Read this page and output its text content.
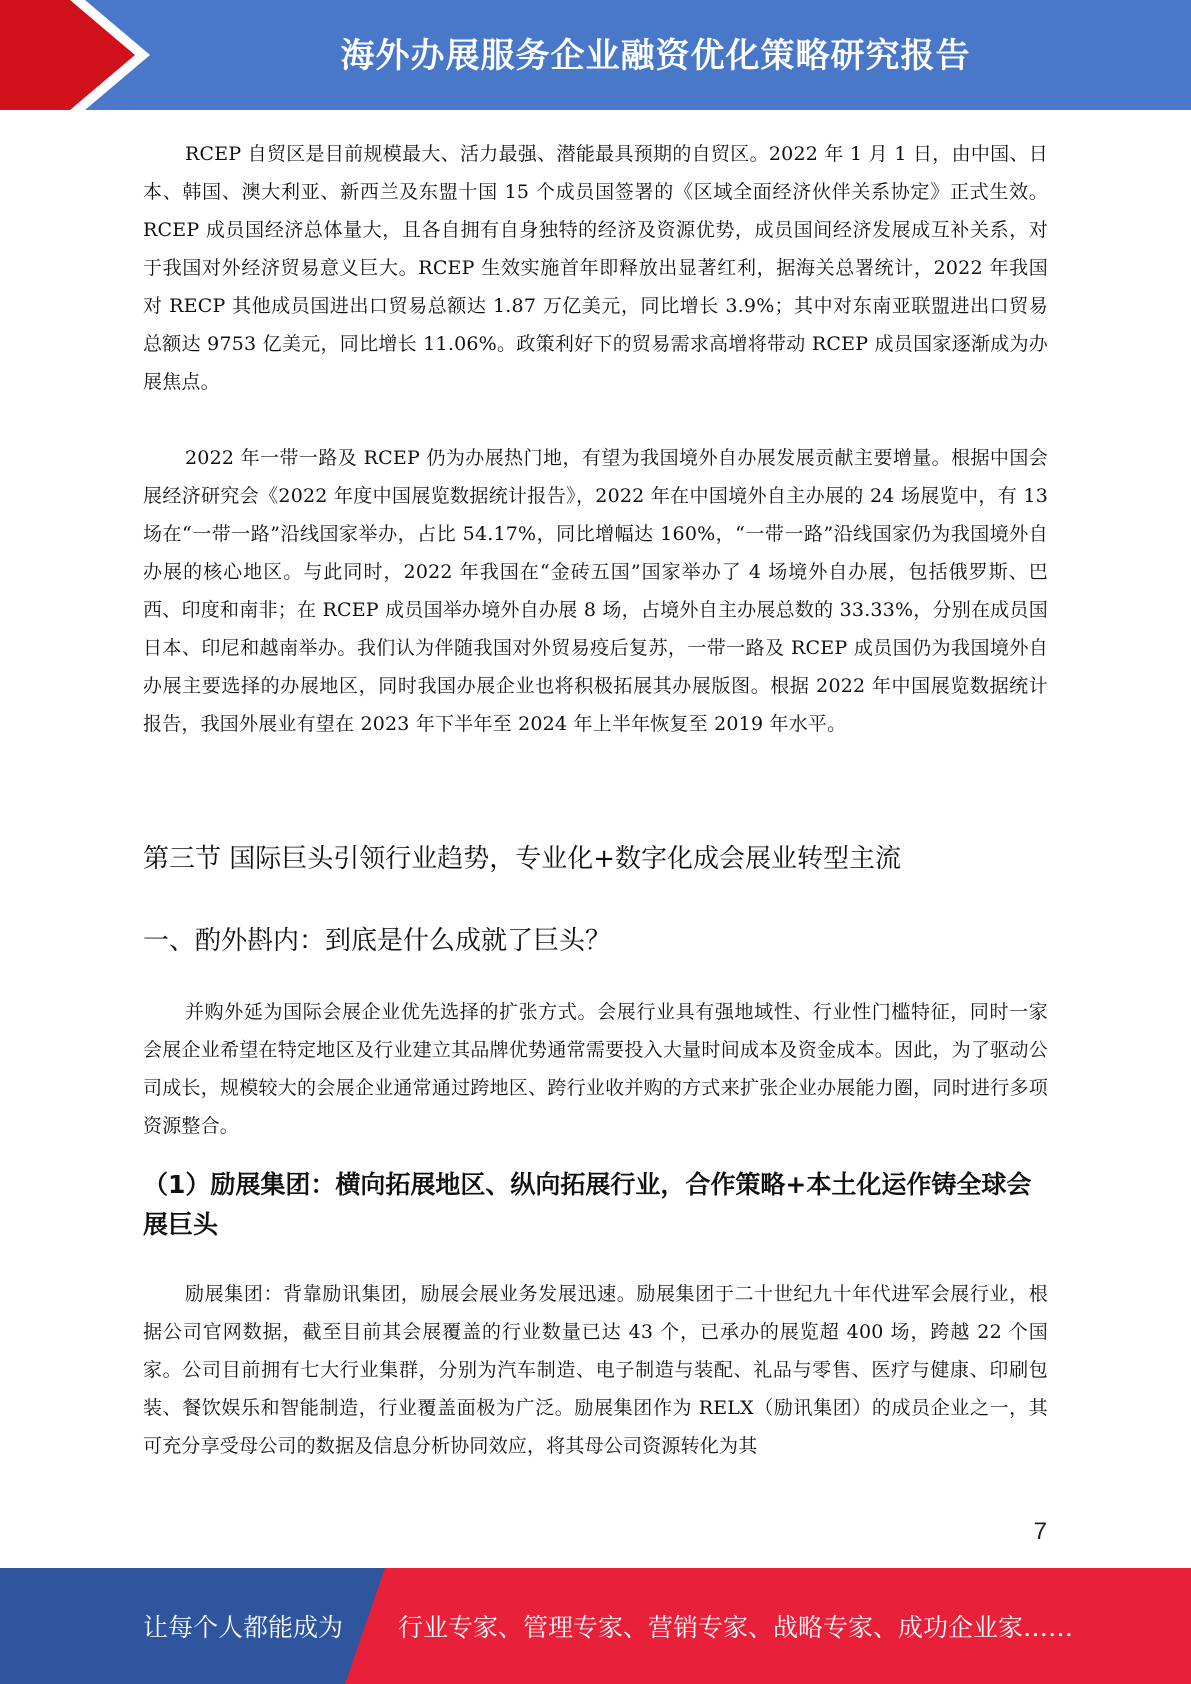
海外办展服务企业融资优化策略研究报告

RCEP 自贸区是目前规模最大、活力最强、潜能最具预期的自贸区。2022 年 1 月 1 日，由中国、日本、韩国、澳大利亚、新西兰及东盟十国 15 个成员国签署的《区域全面经济伙伴关系协定》正式生效。RCEP 成员国经济总体量大，且各自拥有自身独特的经济及资源优势，成员国间经济发展成互补关系，对于我国对外经济贸易意义巨大。RCEP 生效实施首年即释放出显著红利，据海关总署统计，2022 年我国对 RECP 其他成员国进出口贸易总额达 1.87 万亿美元，同比增长 3.9%；其中对东南亚联盟进出口贸易总额达 9753 亿美元，同比增长 11.06%。政策利好下的贸易需求高增将带动 RCEP 成员国家逐渐成为办展焦点。

2022 年一带一路及 RCEP 仍为办展热门地，有望为我国境外自办展发展贡献主要增量。根据中国会展经济研究会《2022 年度中国展览数据统计报告》，2022 年在中国境外自主办展的 24 场展览中，有 13 场在“一带一路”沿线国家举办，占比 54.17%，同比增幅达 160%，“一带一路”沿线国家仍为我国境外自办展的核心地区。与此同时，2022 年我国在“金砖五国”国家举办了 4 场境外自办展，包括俄罗斯、巴西、印度和南非；在 RCEP 成员国举办境外自办展 8 场，占境外自主办展总数的 33.33%，分别在成员国日本、印尼和越南举办。我们认为伴随我国对外贸易疫后复苏，一带一路及 RCEP 成员国仍为我国境外自办展主要选择的办展地区，同时我国办展企业也将积极拓展其办展版图。根据 2022 年中国展览数据统计报告，我国外展业有望在 2023 年下半年至 2024 年上半年恢复至 2019 年水平。

第三节 国际巨头引领行业趋势，专业化+数字化成会展业转型主流
一、酌外斟内：到底是什么成就了巨头？

并购外延为国际会展企业优先选择的扩张方式。会展行业具有强地域性、行业性门槛特征，同时一家会展企业希望在特定地区及行业建立其品牌优势通常需要投入大量时间成本及资金成本。因此，为了驱动公司成长，规模较大的会展企业通常通过跨地区、跨行业收并购的方式来扩张企业办展能力圈，同时进行多项资源整合。

（1）励展集团：横向拓展地区、纵向拓展行业，合作策略+本土化运作铸全球会展巨头

励展集团：背靠励讯集团，励展会展业务发展迅速。励展集团于二十世纪九十年代进军会展行业，根据公司官网数据，截至目前其会展覆盖的行业数量已达 43 个，已承办的展览超 400 场，跨越 22 个国家。公司目前拥有七大行业集群，分别为汽车制造、电子制造与装配、礼品与零售、医疗与健康、印刷包装、餐饮娱乐和智能制造，行业覆盖面极为广泛。励展集团作为 RELX（励讯集团）的成员企业之一，其可充分享受母公司的数据及信息分析协同效应，将其母公司资源转化为其

7
让每个人都能成为 行业专家、管理专家、营销专家、战略专家、成功企业家……
